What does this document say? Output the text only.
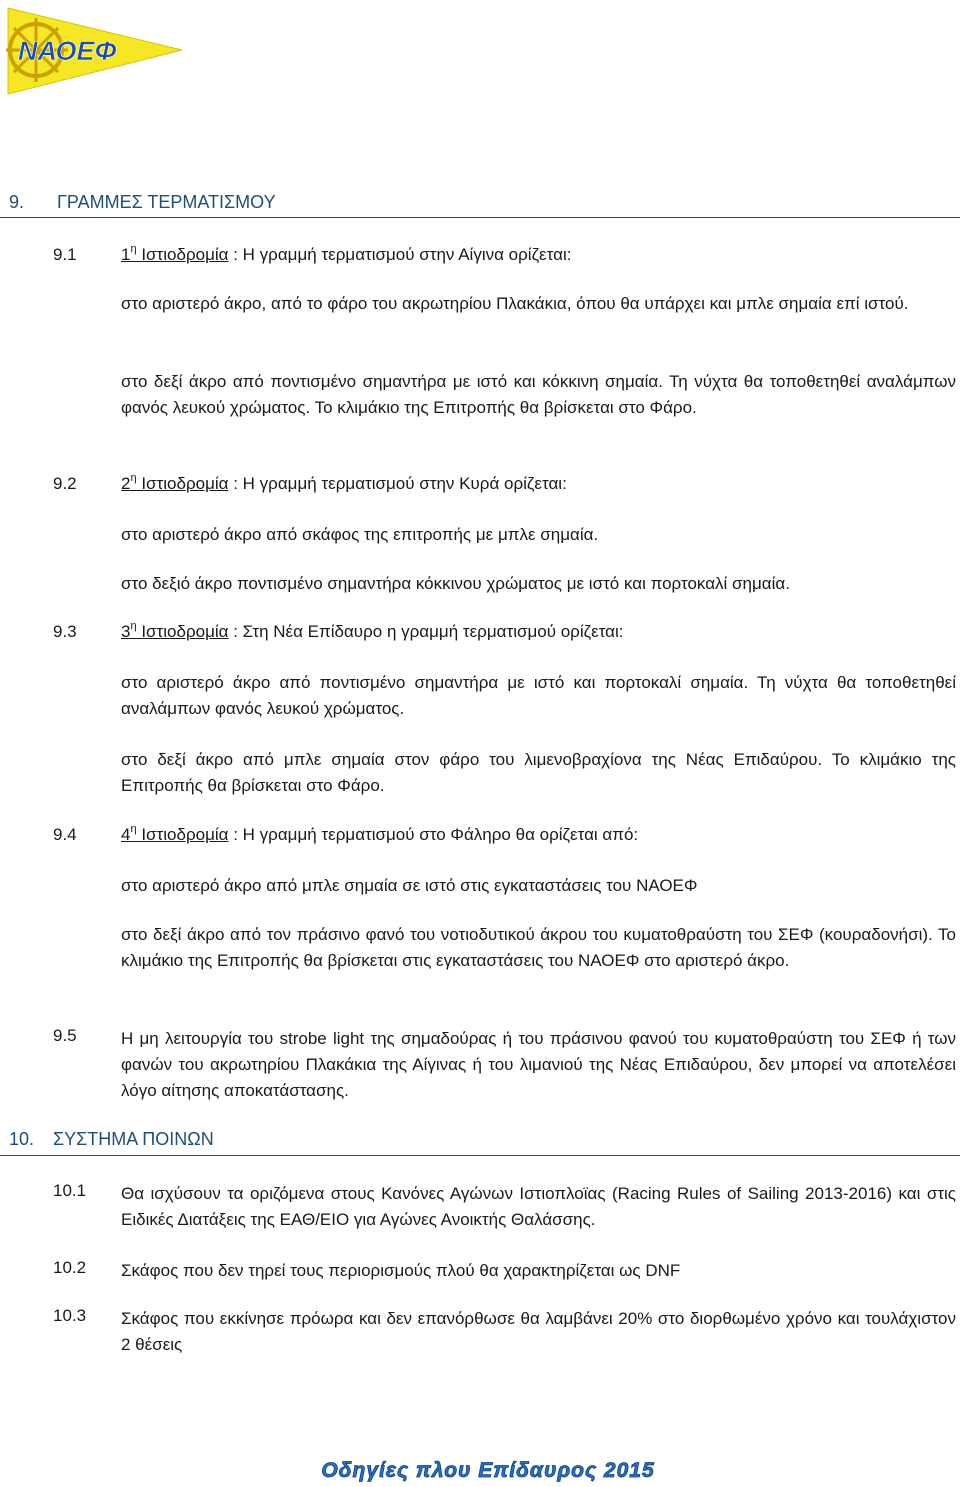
ΝΑΟΕΦ
9. ΓΡΑΜΜΕΣ ΤΕΡΜΑΤΙΣΜΟΥ
9.1	$1^\eta$ Ιστιοδρομία : Η γραμμή τερματισμού στην Αίγινα ορίζεται:
στο αριστερό άκρο, από το φάρο του ακρωτηρίου Πλακάκια, όπου θα υπάρχει και μπλε σημαία επί ιστού.
στο δεξί άκρο από ποντισμένο σημαντήρα με ιστό και κόκκινη σημαία. Τη νύχτα θα τοποθετηθεί αναλάμπων φανός λευκού χρώματος. Το κλιμάκιο της Επιτροπής θα βρίσκεται στο Φάρο.
9.2	$2^\eta$ Ιστιοδρομία : Η γραμμή τερματισμού στην Κυρά ορίζεται:
στο αριστερό άκρο από σκάφος της επιτροπής με μπλε σημαία.
στο δεξιό άκρο ποντισμένο σημαντήρα κόκκινου χρώματος με ιστό και πορτοκαλί σημαία.
9.3	$3^\eta$ Ιστιοδρομία : Στη Νέα Επίδαυρο η γραμμή τερματισμού ορίζεται:
στο αριστερό άκρο από ποντισμένο σημαντήρα με ιστό και πορτοκαλί σημαία. Τη νύχτα θα τοποθετηθεί αναλάμπων φανός λευκού χρώματος.
στο δεξί άκρο από μπλε σημαία στον φάρο του λιμενοβραχίονα της Νέας Επιδαύρου. Το κλιμάκιο της Επιτροπής θα βρίσκεται στο Φάρο.
9.4	$4^\eta$ Ιστιοδρομία : Η γραμμή τερματισμού στο Φάληρο θα ορίζεται από:
στο αριστερό άκρο από μπλε σημαία σε ιστό στις εγκαταστάσεις του ΝΑΟΕΦ
στο δεξί άκρο από τον πράσινο φανό του νοτιοδυτικού άκρου του κυματοθραύστη του ΣΕΦ (κουραδονήσι). Το κλιμάκιο της Επιτροπής θα βρίσκεται στις εγκαταστάσεις του ΝΑΟΕΦ στο αριστερό άκρο.
9.5	Η μη λειτουργία του strobe light της σημαδούρας ή του πράσινου φανού του κυματοθραύστη του ΣΕΦ ή των φανών του ακρωτηρίου Πλακάκια της Αίγινας ή του λιμανιού της Νέας Επιδαύρου, δεν μπορεί να αποτελέσει λόγο αίτησης αποκατάστασης.
10. ΣΥΣΤΗΜΑ ΠΟΙΝΩΝ
10.1 Θα ισχύσουν τα οριζόμενα στους Κανόνες Αγώνων Ιστιοπλοϊας (Racing Rules of Sailing 2013-2016) και στις Ειδικές Διατάξεις της ΕΑΘ/ΕΙΟ για Αγώνες Ανοικτής Θαλάσσης.
10.2 Σκάφος που δεν τηρεί τους περιορισμούς πλού θα χαρακτηρίζεται ως DNF
10.3 Σκάφος που εκκίνησε πρόωρα και δεν επανόρθωσε θα λαμβάνει 20% στο διορθωμένο χρόνο και τουλάχιστον 2 θέσεις
Οδηγίες πλου Επίδαυρος 2015
